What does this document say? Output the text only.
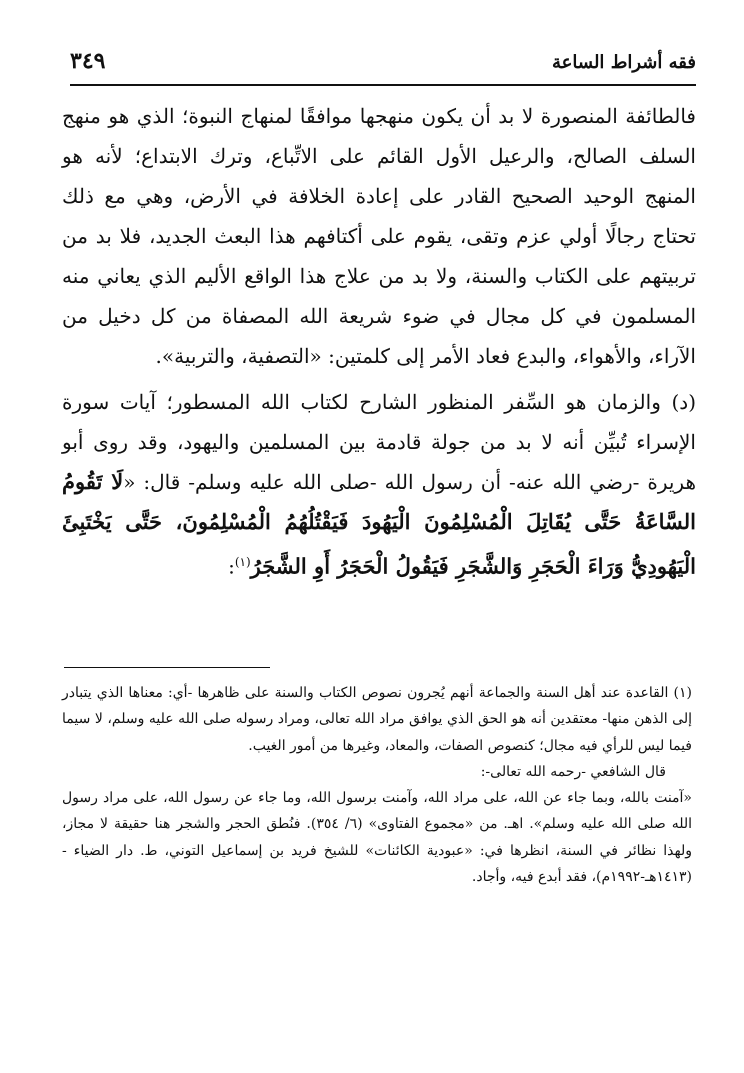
فقه أشراط الساعة
٣٤٩

فالطائفة المنصورة لا بد أن يكون منهجها موافقًا لمنهاج النبوة؛ الذي هو منهج السلف الصالح، والرعيل الأول القائم على الاتِّباع، وترك الابتداع؛ لأنه هو المنهج الوحيد الصحيح القادر على إعادة الخلافة في الأرض، وهي مع ذلك تحتاج رجالًا أولي عزم وتقى، يقوم على أكتافهم هذا البعث الجديد، فلا بد من تربيتهم على الكتاب والسنة، ولا بد من علاج هذا الواقع الأليم الذي يعاني منه المسلمون في كل مجال في ضوء شريعة الله المصفاة من كل دخيل من الآراء، والأهواء، والبدع فعاد الأمر إلى كلمتين: «التصفية، والتربية».

(د) والزمان هو السِّفر المنظور الشارح لكتاب الله المسطور؛ آيات سورة الإسراء تُبيِّن أنه لا بد من جولة قادمة بين المسلمين واليهود، وقد روى أبو هريرة -رضي الله عنه- أن رسول الله -صلى الله عليه وسلم- قال: «لَا تَقُومُ السَّاعَةُ حَتَّى يُقَاتِلَ الْمُسْلِمُونَ الْيَهُودَ فَيَقْتُلُهُمُ الْمُسْلِمُونَ، حَتَّى يَخْتَبِئَ الْيَهُودِيُّ وَرَاءَ الْحَجَرِ وَالشَّجَرِ فَيَقُولُ الْحَجَرُ أَوِ الشَّجَرُ$^{(١)}$:

(١) القاعدة عند أهل السنة والجماعة أنهم يُجرون نصوص الكتاب والسنة على ظاهرها -أي: معناها الذي يتبادر إلى الذهن منها- معتقدين أنه هو الحق الذي يوافق مراد الله تعالى، ومراد رسوله صلى الله عليه وسلم، لا سيما فيما ليس للرأي فيه مجال؛ كنصوص الصفات، والمعاد، وغيرها من أمور الغيب.

قال الشافعي -رحمه الله تعالى-:

«آمنت بالله، وبما جاء عن الله، على مراد الله، وآمنت برسول الله، وما جاء عن رسول الله، على مراد رسول الله صلى الله عليه وسلم». اهـ. من «مجموع الفتاوى» (٦/ ٣٥٤). فنُطق الحجر والشجر هنا حقيقة لا مجاز، ولهذا نظائر في السنة، انظرها في: «عبودية الكائنات» للشيخ فريد بن إسماعيل التوني، ط. دار الضياء - (١٤١٣هـ-١٩٩٢م)، فقد أبدع فيه، وأجاد.
